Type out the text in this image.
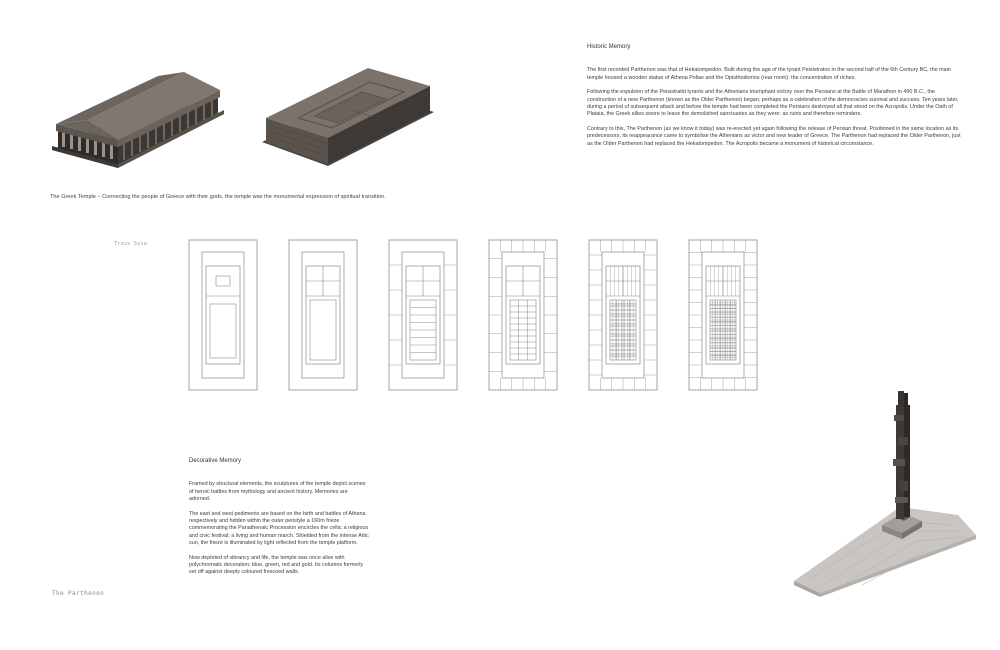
The Greek Temple – Connecting the people of Greece with their gods, the temple was the monumental expression of spiritual transition.
Historic Memory

The first recorded Parthenon was that of Hekatompedon. Built during the age of the tyrant Peisistratos in the second half of the 6th Century BC, the main temple housed a wooden statue of Athena Polias and the Opisthodomos (rear room): the concentration of riches.

Following the expulsion of the Peisistratid tyrants and the Athenians triumphant victory over the Persians at the Battle of Marathon in 490 B.C., the construction of a new Parthenon (known as the Older Parthenon) began; perhaps as a celebration of the democracies survival and success. Ten years later, during a period of subsequent attack and before the temple had been completed the Persians destroyed all that stood on the Acropolis. Under the Oath of Plataia, the Greek allies swore to leave the demolished sanctuaries as they were: as ruins and therefore reminders.

Contrary to this, The Parthenon (as we know it today) was re-erected yet again following the release of Persian threat. Positioned in the same location as its predecessors, its reappearance came to symbolise the Athenians as victor and new leader of Greece. The Parthenon had replaced the Older Parthenon, just as the Older Parthenon had replaced the Hekatompedon. The Acropolis became a monument of historical circumstance.

Trouv Sysa
Decorative Memory

Framed by structural elements, the sculptures of the temple depict scenes of heroic battles from mythology and ancient history. Memories are adorned.

The east and west pediments are based on the birth and battles of Athena respectively and hidden within the outer peristyle a 160m frieze commemorating the Panathenaic Procession encircles the cella; a religious and civic festival; a living and human march. Shielded from the intense Attic sun, the frieze is illuminated by light reflected from the temple platform.

Now depleted of vibrancy and life, the temple was once alive with polychromatic decoration; blue, green, red and gold. Its columns formerly set off against deeply coloured frescoed walls.

The Parthenon
